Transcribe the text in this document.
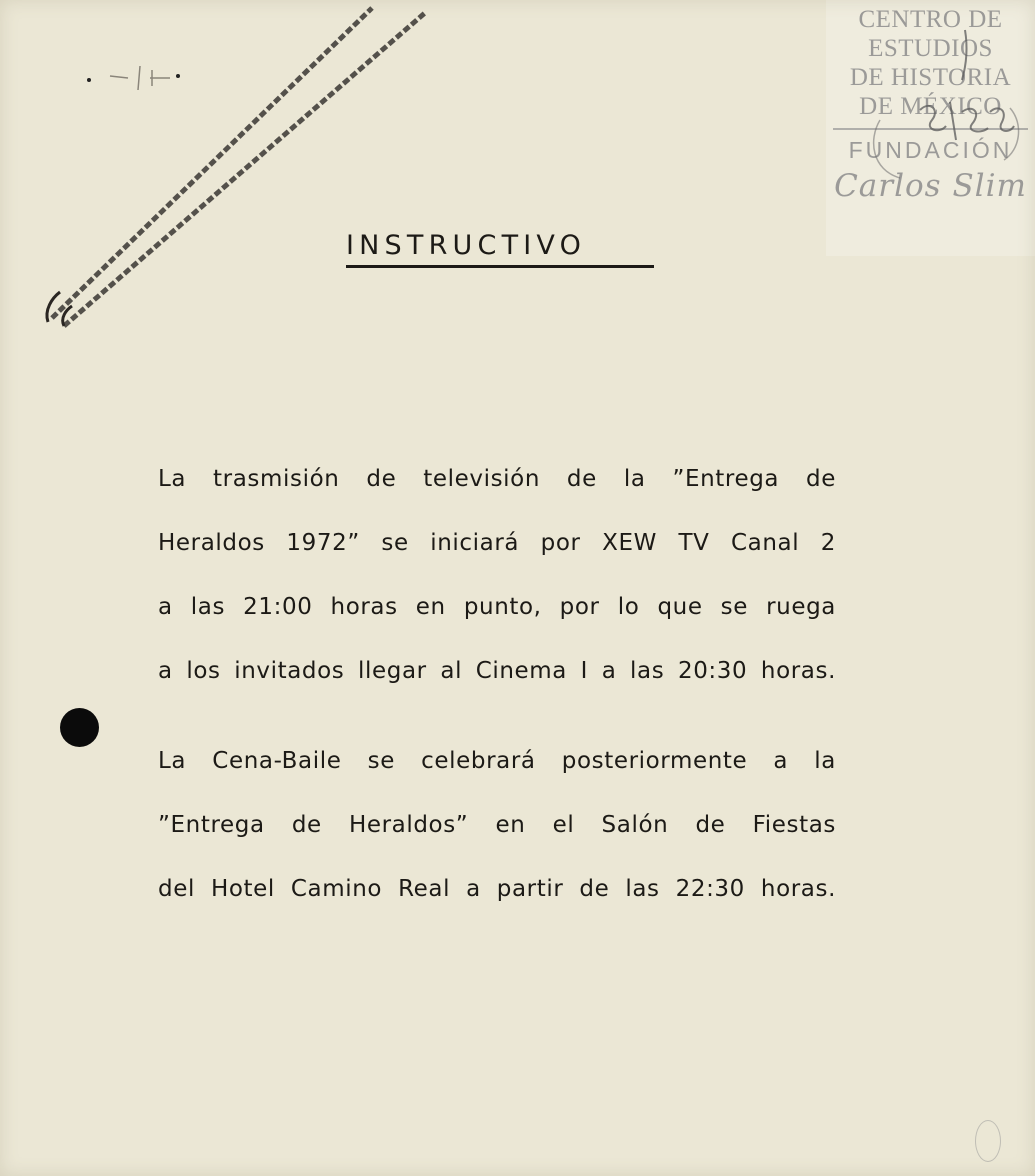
CENTRO DE
ESTUDIOS
DE HISTORIA
DE MÉXICO
FUNDACIÓN
Carlos Slim
INSTRUCTIVO
La trasmisión de televisión de la ”Entrega de
Heraldos 1972” se iniciará por XEW TV Canal 2
a las 21:00 horas en punto, por lo que se ruega
a los invitados llegar al Cinema I a las 20:30 horas.
La Cena-Baile se celebrará posteriormente a la
”Entrega de Heraldos” en el Salón de Fiestas
del Hotel Camino Real a partir de las 22:30 horas.
